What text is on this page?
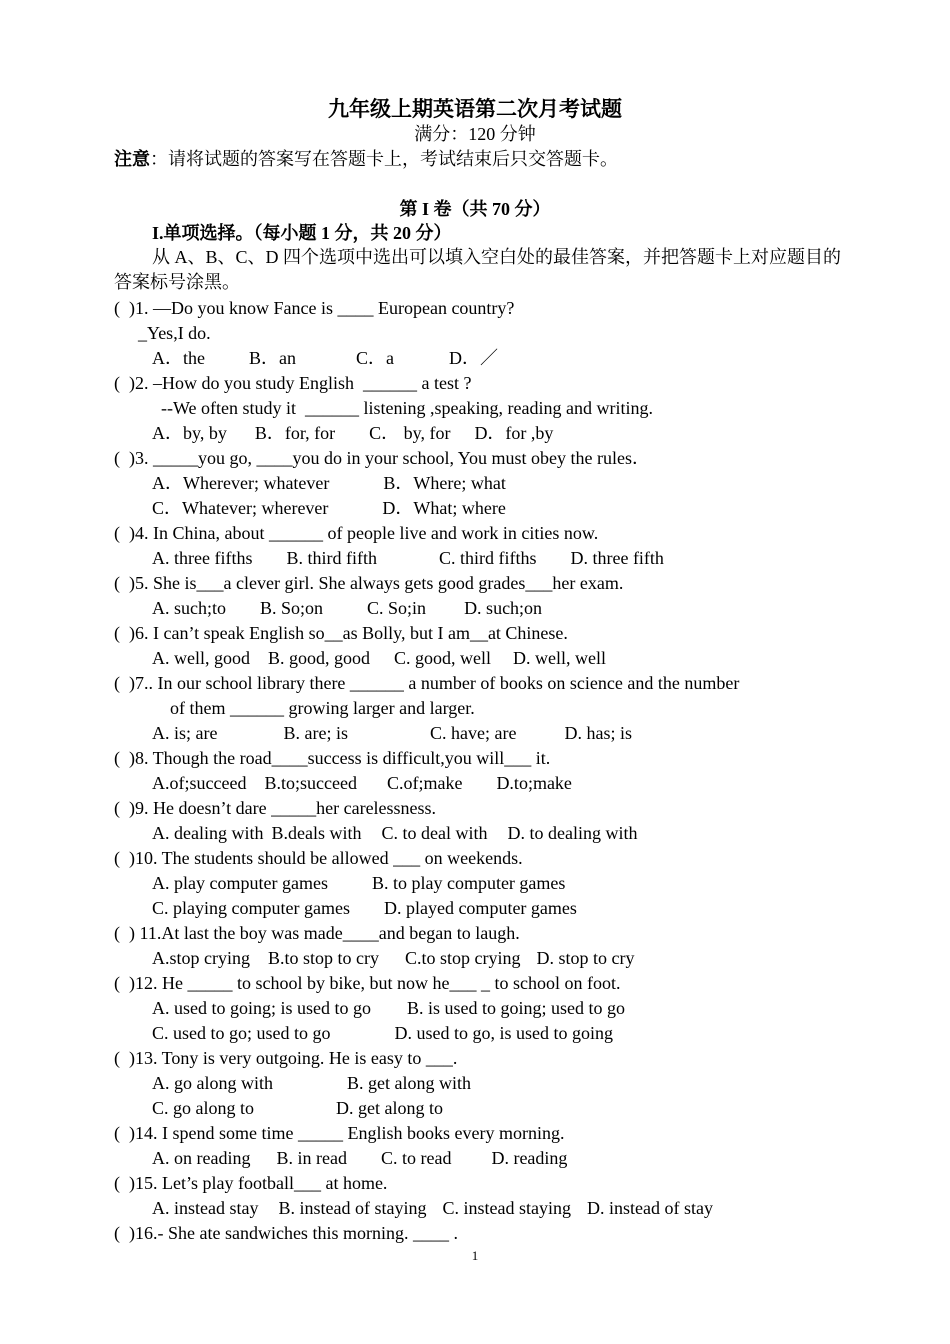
九年级上期英语第二次月考试题
满分：120 分钟
注意：请将试题的答案写在答题卡上，考试结束后只交答题卡。
第 I 卷（共 70 分）
I.单项选择。（每小题 1 分，共 20 分）
从 A、B、C、D 四个选项中选出可以填入空白处的最佳答案，并把答题卡上对应题目的答案标号涂黑。
(  )1. —Do you know Fance is ____ European country?
_Yes,I do.
A．the B．an	C．a	D．／
(  )2. –How do you study English  ______ a test ?
--We often study it  ______ listening ,speaking, reading and writing.
A．by, by B．for, for C． by, for D．for ,by
(  )3. _____you go, ____you do in your school, You must obey the rules．
A．Wherever; whatever	B．Where; what
C．Whatever; wherever	D．What; where
(  )4. In China, about ______ of people live and work in cities now.
A. three fifths B. third fifth	C. third fifths D. three fifth
(  )5. She is___a clever girl. She always gets good grades___her exam.
A. such;to B. So;on C. So;in D. such;on
(  )6. I can’t speak English so__as Bolly, but I am__at Chinese.
A. well, good B. good, good C. good, well D. well, well
(  )7.. In our school library there ______ a number of books on science and the number
of them ______ growing larger and larger.
A. is; are	B. are; is	C. have; are	D. has; is
(  )8. Though the road____success is difficult,you will___ it.
A.of;succeed B.to;succeed C.of;make D.to;make
(  )9. He doesn’t dare _____her carelessness.
A. dealing with B.deals with C. to deal with D. to dealing with
(  )10. The students should be allowed ___ on weekends.
A. play computer games B. to play computer games
C. playing computer games D. played computer games
(  ) 11.At last the boy was made____and began to laugh.
A.stop crying B.to stop to cry C.to stop crying D. stop to cry
(  )12. He _____ to school by bike, but now he___ _ to school on foot.
A. used to going; is used to go B. is used to going; used to go
C. used to go; used to go	D. used to go, is used to going
(  )13. Tony is very outgoing. He is easy to ___.
A. go along with	B. get along with
C. go along to	D. get along to
(  )14. I spend some time _____ English books every morning.
A. on reading B. in read C. to read D. reading
(  )15. Let’s play football___ at home.
A. instead stay B. instead of staying C. instead staying D. instead of stay
(  )16.- She ate sandwiches this morning. ____ .
1
